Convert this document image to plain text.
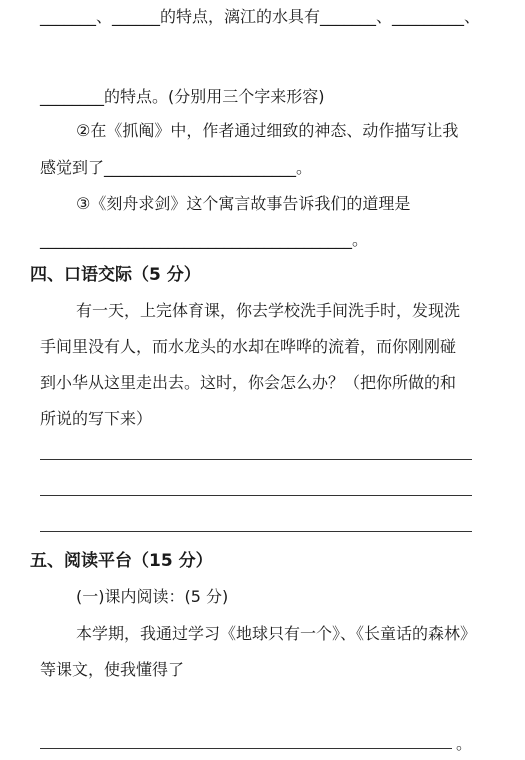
_______、______的特点，漓江的水具有_______、_________、
________的特点。(分别用三个字来形容)
②在《抓阄》中，作者通过细致的神态、动作描写让我
感觉到了________________________。
③《刻舟求剑》这个寓言故事告诉我们的道理是
_______________________________________。
四、口语交际（5 分）
有一天，上完体育课，你去学校洗手间洗手时，发现洗
手间里没有人，而水龙头的水却在哗哗的流着，而你刚刚碰
到小华从这里走出去。这时，你会怎么办？（把你所做的和
所说的写下来）
五、阅读平台（15 分）
(一)课内阅读：(5 分)
本学期，我通过学习《地球只有一个》、《长童话的森林》
等课文，使我懂得了
。
